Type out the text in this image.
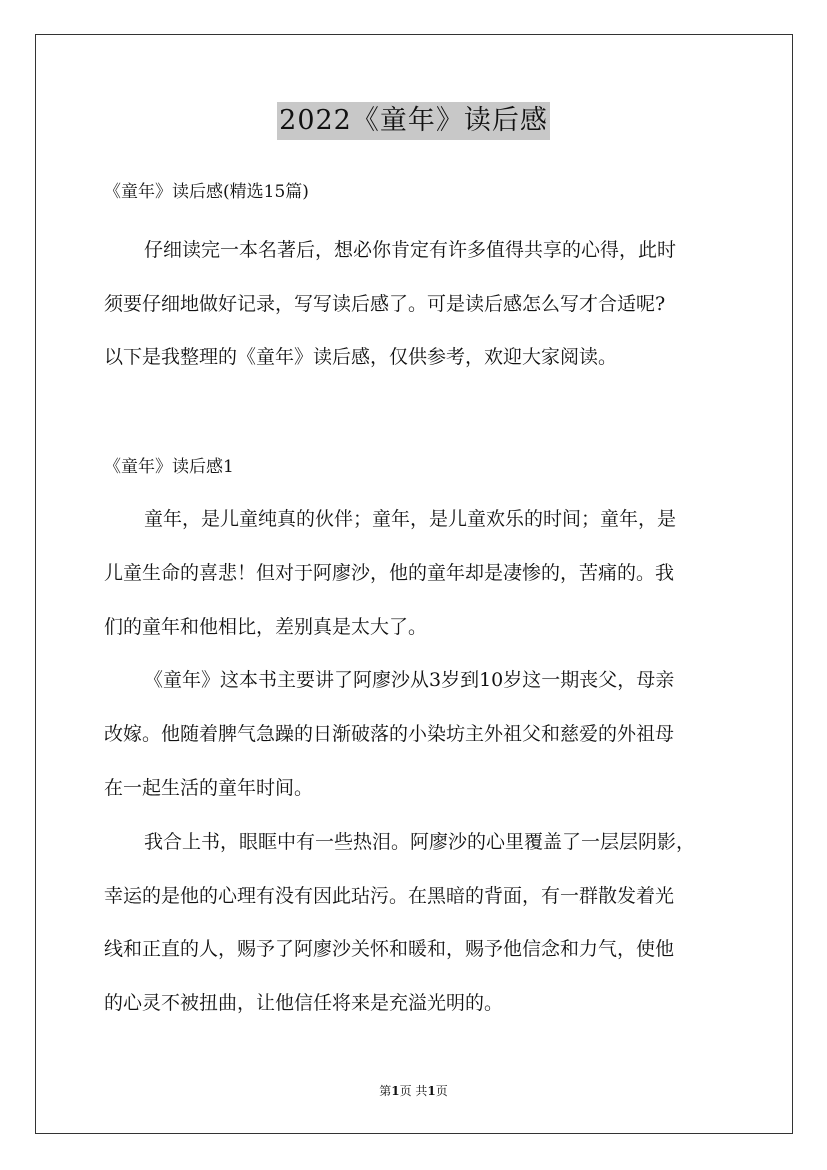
2022《童年》读后感
《童年》读后感(精选15篇)
仔细读完一本名著后，想必你肯定有许多值得共享的心得，此时
须要仔细地做好记录，写写读后感了。可是读后感怎么写才合适呢?
以下是我整理的《童年》读后感，仅供参考，欢迎大家阅读。
《童年》读后感1
童年，是儿童纯真的伙伴；童年，是儿童欢乐的时间；童年，是
儿童生命的喜悲！但对于阿廖沙，他的童年却是凄惨的，苦痛的。我
们的童年和他相比，差别真是太大了。
《童年》这本书主要讲了阿廖沙从3岁到10岁这一期丧父，母亲
改嫁。他随着脾气急躁的日渐破落的小染坊主外祖父和慈爱的外祖母
在一起生活的童年时间。
我合上书，眼眶中有一些热泪。阿廖沙的心里覆盖了一层层阴影，
幸运的是他的心理有没有因此玷污。在黑暗的背面，有一群散发着光
线和正直的人，赐予了阿廖沙关怀和暖和，赐予他信念和力气，使他
的心灵不被扭曲，让他信任将来是充溢光明的。
第1页 共1页
